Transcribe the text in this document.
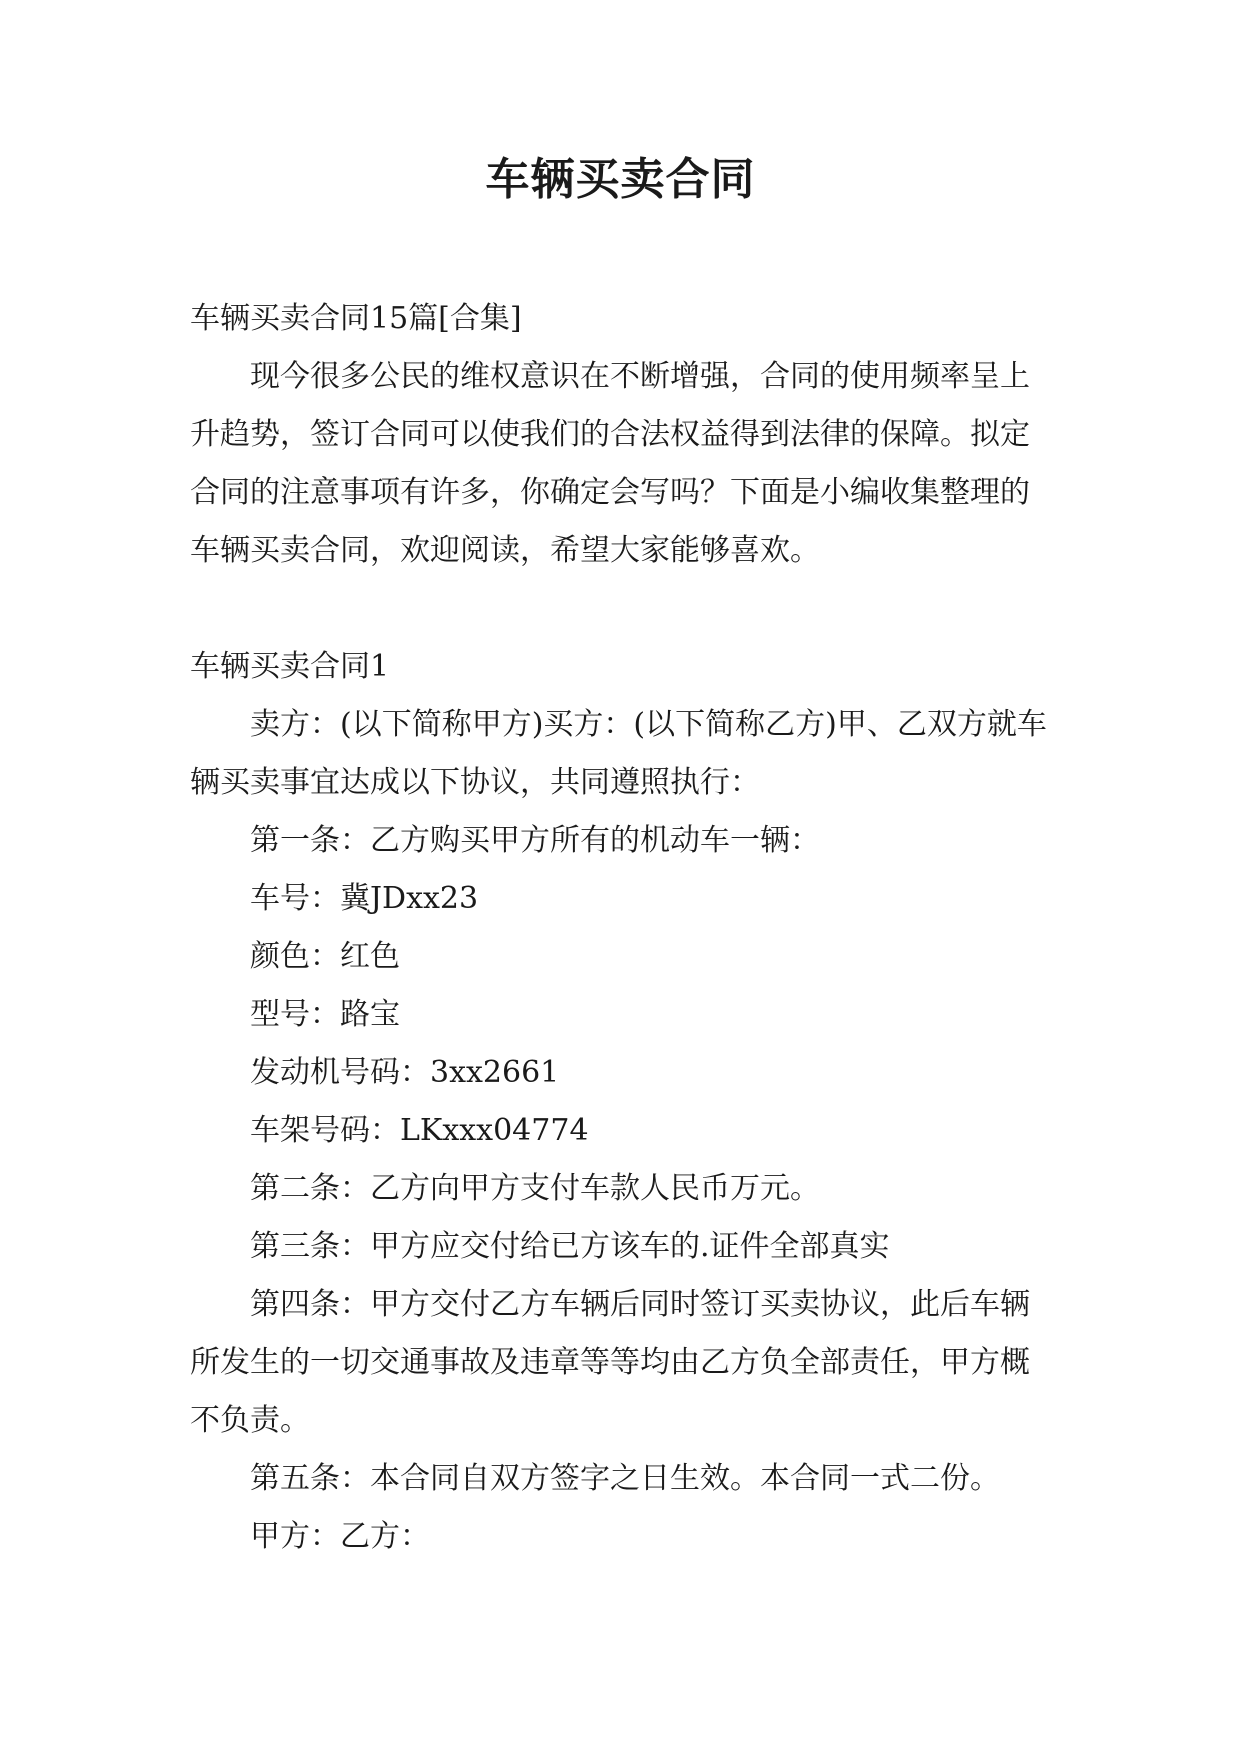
车辆买卖合同

车辆买卖合同15篇[合集]

现今很多公民的维权意识在不断增强，合同的使用频率呈上升趋势，签订合同可以使我们的合法权益得到法律的保障。拟定合同的注意事项有许多，你确定会写吗？下面是小编收集整理的车辆买卖合同，欢迎阅读，希望大家能够喜欢。

车辆买卖合同1

卖方：(以下简称甲方)买方：(以下简称乙方)甲、乙双方就车辆买卖事宜达成以下协议，共同遵照执行：

第一条：乙方购买甲方所有的机动车一辆：

车号：冀JDxx23

颜色：红色

型号：路宝

发动机号码：3xx2661

车架号码：LKxxx04774

第二条：乙方向甲方支付车款人民币万元。

第三条：甲方应交付给已方该车的.证件全部真实

第四条：甲方交付乙方车辆后同时签订买卖协议，此后车辆所发生的一切交通事故及违章等等均由乙方负全部责任，甲方概不负责。

第五条：本合同自双方签字之日生效。本合同一式二份。

甲方：乙方：
